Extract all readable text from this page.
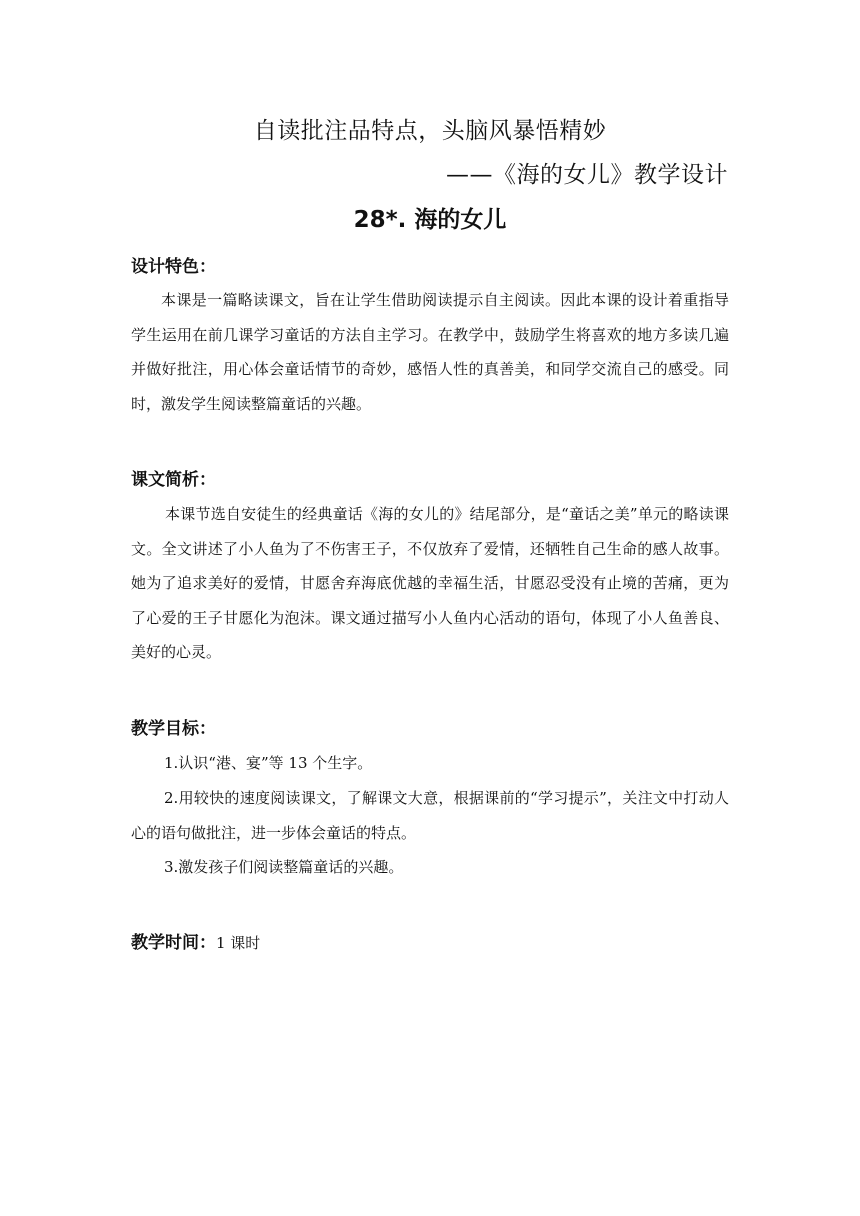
自读批注品特点，头脑风暴悟精妙
——《海的女儿》教学设计
28*. 海的女儿
设计特色：
本课是一篇略读课文，旨在让学生借助阅读提示自主阅读。因此本课的设计着重指导学生运用在前几课学习童话的方法自主学习。在教学中，鼓励学生将喜欢的地方多读几遍并做好批注，用心体会童话情节的奇妙，感悟人性的真善美，和同学交流自己的感受。同时，激发学生阅读整篇童话的兴趣。
课文简析：
本课节选自安徒生的经典童话《海的女儿的》结尾部分，是“童话之美”单元的略读课文。全文讲述了小人鱼为了不伤害王子，不仅放弃了爱情，还牺牲自己生命的感人故事。她为了追求美好的爱情，甘愿舍弃海底优越的幸福生活，甘愿忍受没有止境的苦痛，更为了心爱的王子甘愿化为泡沫。课文通过描写小人鱼内心活动的语句，体现了小人鱼善良、美好的心灵。
教学目标：
1.认识“港、宴”等 13 个生字。
2.用较快的速度阅读课文，了解课文大意，根据课前的“学习提示”，关注文中打动人心的语句做批注，进一步体会童话的特点。
3.激发孩子们阅读整篇童话的兴趣。
教学时间：1 课时
